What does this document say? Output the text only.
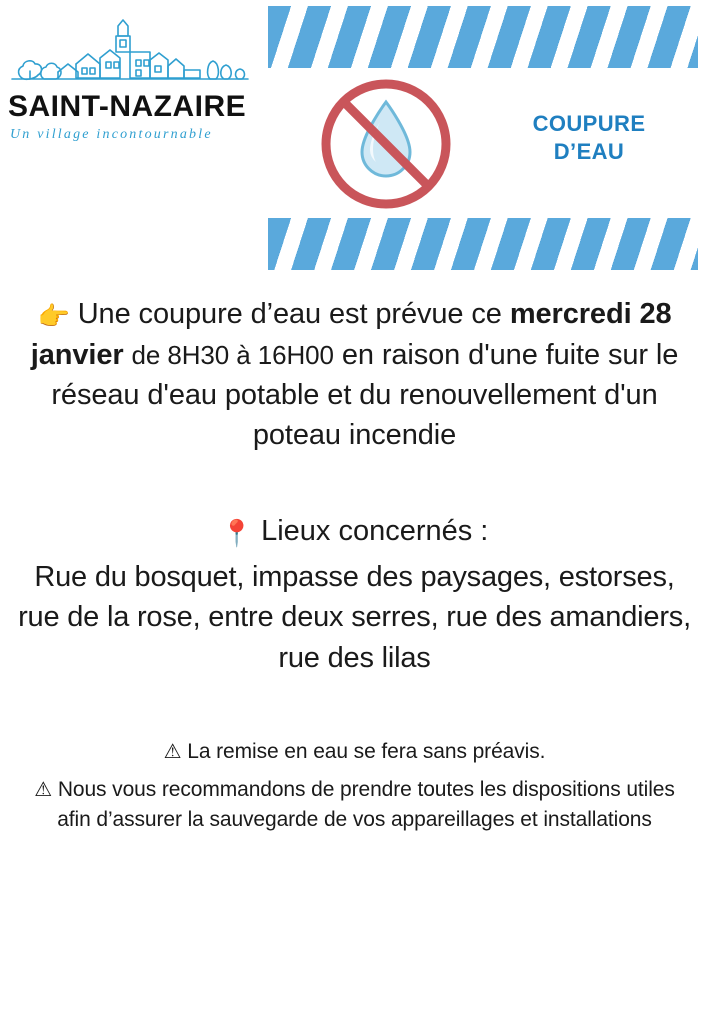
SAINT-NAZAIRE
Un village incontournable	COUPURE
D’EAU

👉 Une coupure d’eau est prévue ce mercredi 28 janvier de 8H30 à 16H00 en raison d'une fuite sur le réseau d'eau potable et du renouvellement d'un poteau incendie

📍 Lieux concernés :

Rue du bosquet, impasse des paysages, estorses, rue de la rose, entre deux serres, rue des amandiers, rue des lilas

⚠ La remise en eau se fera sans préavis.

⚠ Nous vous recommandons de prendre toutes les dispositions utiles afin d’assurer la sauvegarde de vos appareillages et installations
